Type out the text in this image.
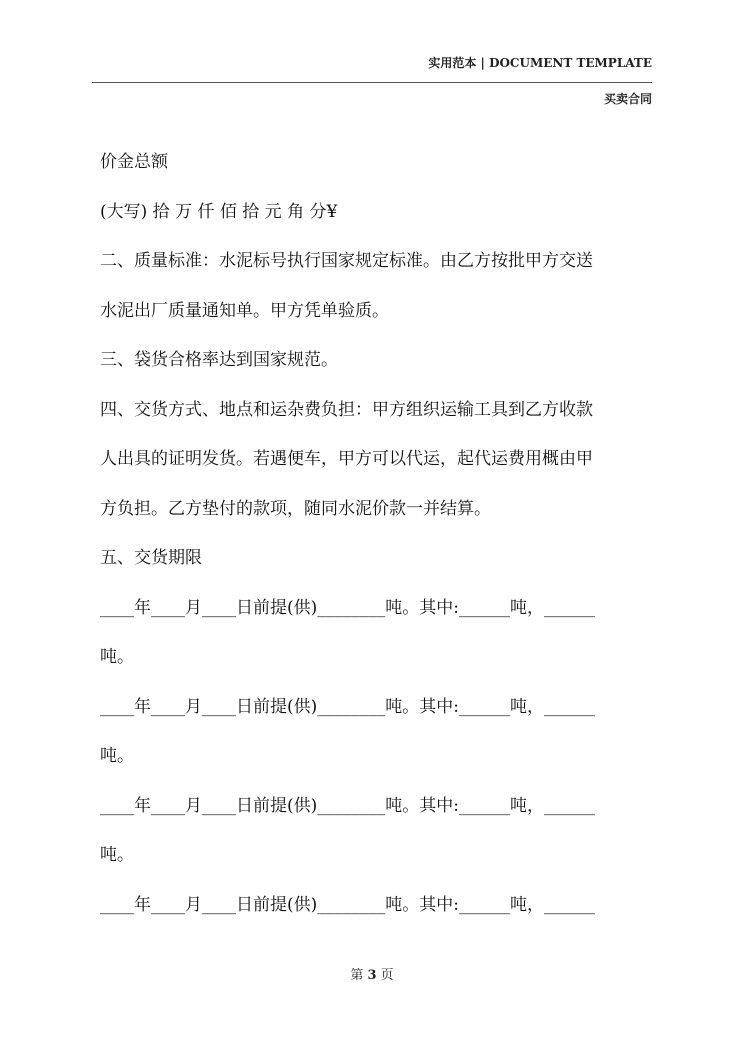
实用范本 | DOCUMENT TEMPLATE
买卖合同
价金总额
(大写) 拾 万 仟 佰 拾 元 角 分¥
二、质量标准：水泥标号执行国家规定标准。由乙方按批甲方交送
水泥出厂质量通知单。甲方凭单验质。
三、袋货合格率达到国家规范。
四、交货方式、地点和运杂费负担：甲方组织运输工具到乙方收款
人出具的证明发货。若遇便车，甲方可以代运，起代运费用概由甲
方负担。乙方垫付的款项，随同水泥价款一并结算。
五、交货期限
____年____月____日前提(供)________吨。其中:______吨，______
吨。
____年____月____日前提(供)________吨。其中:______吨，______
吨。
____年____月____日前提(供)________吨。其中:______吨，______
吨。
____年____月____日前提(供)________吨。其中:______吨，______
第 3 页
